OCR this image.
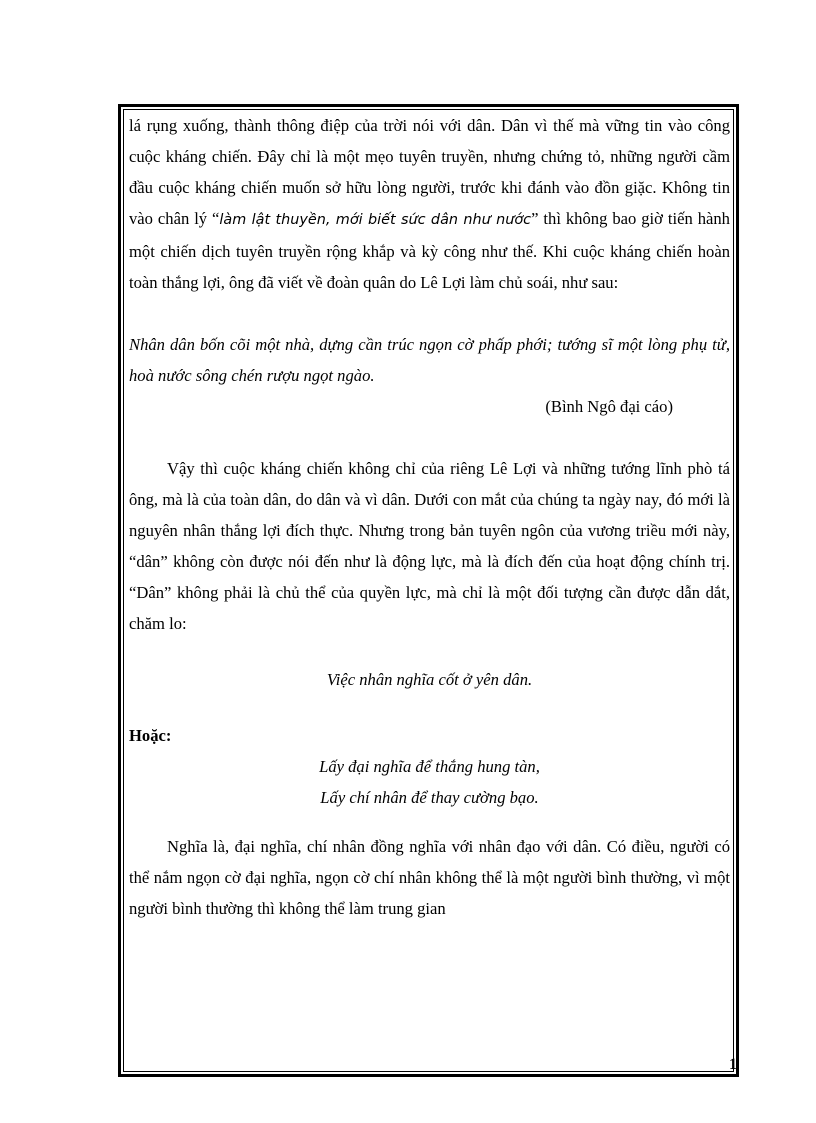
lá rụng xuống, thành thông điệp của trời nói với dân. Dân vì thế mà vững tin vào công cuộc kháng chiến. Đây chỉ là một mẹo tuyên truyền, nhưng chứng tỏ, những người cầm đầu cuộc kháng chiến muốn sở hữu lòng người, trước khi đánh vào đồn giặc. Không tin vào chân lý “làm lật thuyền, mới biết sức dân như nước” thì không bao giờ tiến hành một chiến dịch tuyên truyền rộng khắp và kỳ công như thế. Khi cuộc kháng chiến hoàn toàn thắng lợi, ông đã viết về đoàn quân do Lê Lợi làm chủ soái, như sau:

Nhân dân bốn cõi một nhà, dựng cần trúc ngọn cờ phấp phới; tướng sĩ một lòng phụ tử, hoà nước sông chén rượu ngọt ngào.

(Bình Ngô đại cáo)

Vậy thì cuộc kháng chiến không chỉ của riêng Lê Lợi và những tướng lĩnh phò tá ông, mà là của toàn dân, do dân và vì dân. Dưới con mắt của chúng ta ngày nay, đó mới là nguyên nhân thắng lợi đích thực. Nhưng trong bản tuyên ngôn của vương triều mới này, “dân” không còn được nói đến như là động lực, mà là đích đến của hoạt động chính trị. “Dân” không phải là chủ thể của quyền lực, mà chỉ là một đối tượng cần được dẫn dắt, chăm lo:

Việc nhân nghĩa cốt ở yên dân.

Hoặc:

Lấy đại nghĩa để thắng hung tàn,

Lấy chí nhân để thay cường bạo.

Nghĩa là, đại nghĩa, chí nhân đồng nghĩa với nhân đạo với dân. Có điều, người có thể nắm ngọn cờ đại nghĩa, ngọn cờ chí nhân không thể là một người bình thường, vì một người bình thường thì không thể làm trung gian

1
